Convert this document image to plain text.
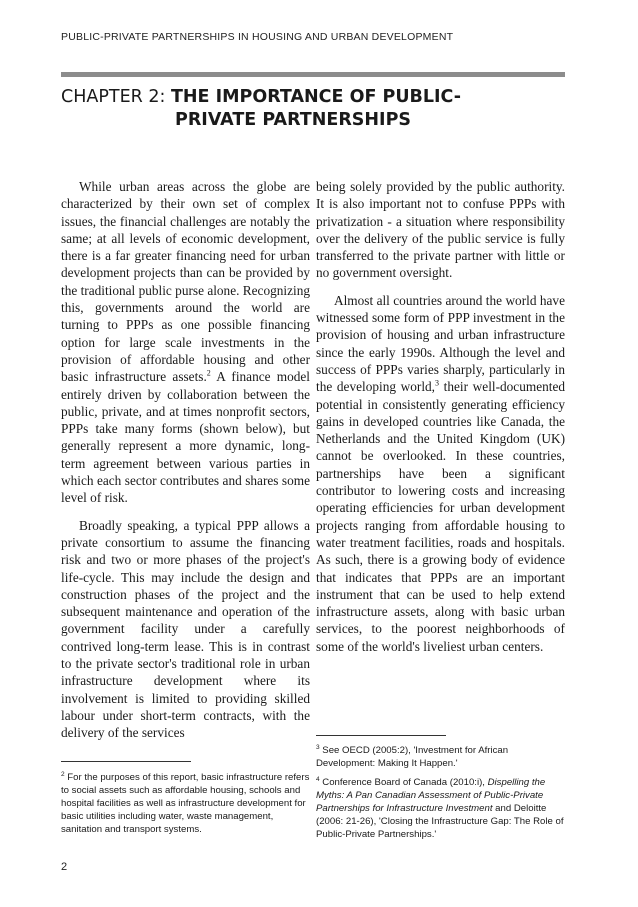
PUBLIC-PRIVATE PARTNERSHIPS IN HOUSING AND URBAN DEVELOPMENT
CHAPTER 2: THE IMPORTANCE OF PUBLIC-
PRIVATE PARTNERSHIPS

While urban areas across the globe are characterized by their own set of complex issues, the financial challenges are notably the same; at all levels of economic development, there is a far greater financing need for urban development projects than can be provided by the traditional public purse alone. Recognizing this, governments around the world are turning to PPPs as one possible financing option for large scale investments in the provision of affordable housing and other basic infrastructure assets.$^2$ A finance model entirely driven by collaboration between the public, private, and at times nonprofit sectors, PPPs take many forms (shown below), but generally represent a more dynamic, long-term agreement between various parties in which each sector contributes and shares some level of risk.

Broadly speaking, a typical PPP allows a private consortium to assume the financing risk and two or more phases of the project's life-cycle. This may include the design and construction phases of the project and the subsequent maintenance and operation of the government facility under a carefully contrived long-term lease. This is in contrast to the private sector's traditional role in urban infrastructure development where its involvement is limited to providing skilled labour under short-term contracts, with the delivery of the services

being solely provided by the public authority. It is also important not to confuse PPPs with privatization - a situation where responsibility over the delivery of the public service is fully transferred to the private partner with little or no government oversight.

Almost all countries around the world have witnessed some form of PPP investment in the provision of housing and urban infrastructure since the early 1990s. Although the level and success of PPPs varies sharply, particularly in the developing world,$^3$ their well-documented potential in consistently generating efficiency gains in developed countries like Canada, the Netherlands and the United Kingdom (UK) cannot be overlooked. In these countries, partnerships have been a significant contributor to lowering costs and increasing operating efficiencies for urban development projects ranging from affordable housing to water treatment facilities, roads and hospitals. As such, there is a growing body of evidence that indicates that PPPs are an important instrument that can be used to help extend infrastructure assets, along with basic urban services, to the poorest neighborhoods of some of the world's liveliest urban centers.

$^2$ For the purposes of this report, basic infrastructure refers to social assets such as affordable housing, schools and hospital facilities as well as infrastructure development for basic utilities including water, waste management, sanitation and transport systems.

$^3$ See OECD (2005:2), 'Investment for African Development: Making It Happen.'

$^4$ Conference Board of Canada (2010:i), Dispelling the Myths: A Pan Canadian Assessment of Public-Private Partnerships for Infrastructure Investment and Deloitte (2006: 21-26), 'Closing the Infrastructure Gap: The Role of Public-Private Partnerships.'

2
